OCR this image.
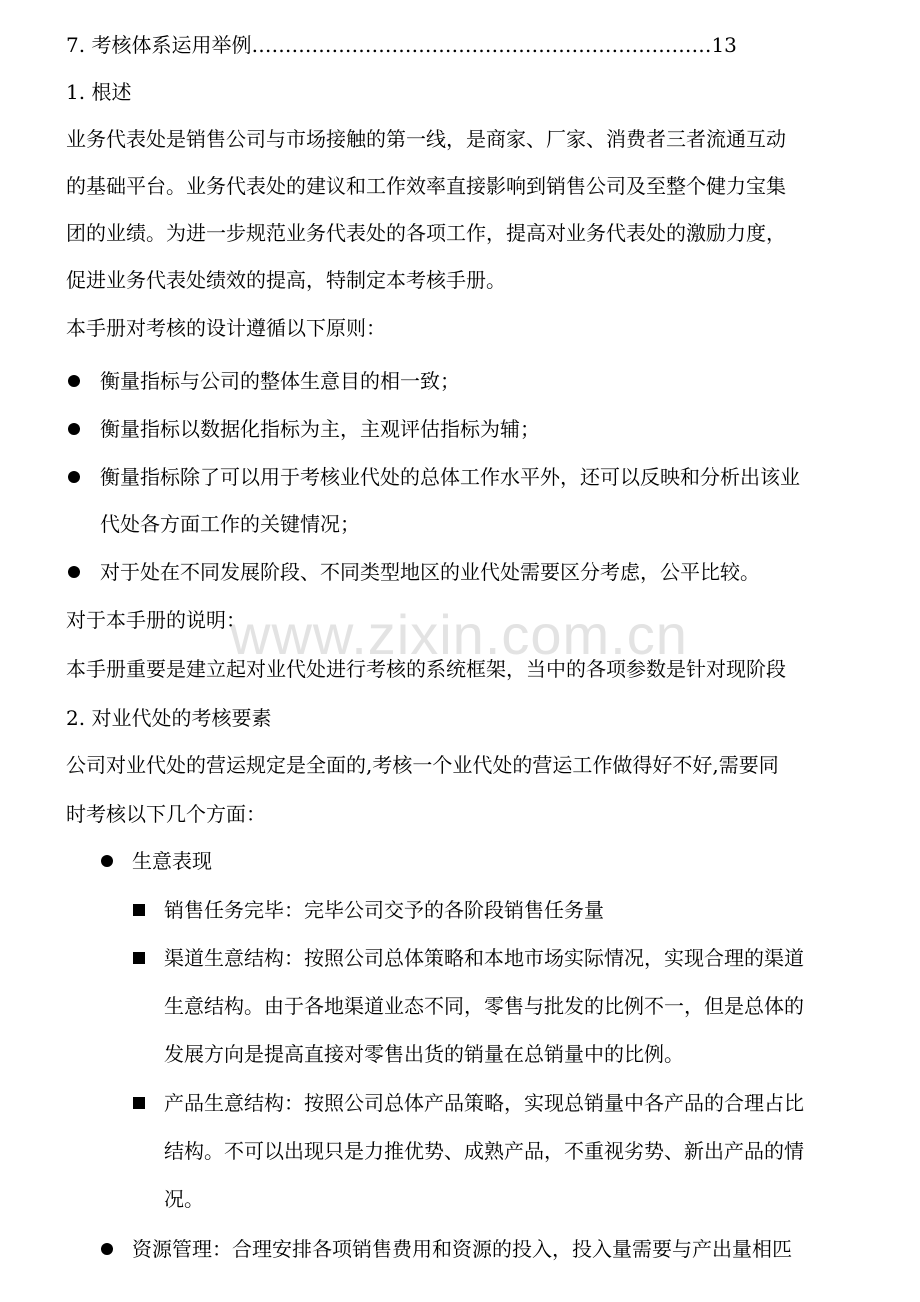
www.zixin.com.cn
7. 考核体系运用举例……………………………………………………………13
1. 根述
业务代表处是销售公司与市场接触的第一线，是商家、厂家、消费者三者流通互动
的基础平台。业务代表处的建议和工作效率直接影响到销售公司及至整个健力宝集
团的业绩。为进一步规范业务代表处的各项工作，提高对业务代表处的激励力度，
促进业务代表处绩效的提高，特制定本考核手册。
本手册对考核的设计遵循以下原则：
衡量指标与公司的整体生意目的相一致；
衡量指标以数据化指标为主，主观评估指标为辅；
衡量指标除了可以用于考核业代处的总体工作水平外，还可以反映和分析出该业
代处各方面工作的关键情况；
对于处在不同发展阶段、不同类型地区的业代处需要区分考虑，公平比较。
对于本手册的说明：
本手册重要是建立起对业代处进行考核的系统框架，当中的各项参数是针对现阶段
2. 对业代处的考核要素
公司对业代处的营运规定是全面的,考核一个业代处的营运工作做得好不好,需要同
时考核以下几个方面：
生意表现
销售任务完毕：完毕公司交予的各阶段销售任务量
渠道生意结构：按照公司总体策略和本地市场实际情况，实现合理的渠道
生意结构。由于各地渠道业态不同，零售与批发的比例不一，但是总体的
发展方向是提高直接对零售出货的销量在总销量中的比例。
产品生意结构：按照公司总体产品策略，实现总销量中各产品的合理占比
结构。不可以出现只是力推优势、成熟产品，不重视劣势、新出产品的情
况。
资源管理：合理安排各项销售费用和资源的投入，投入量需要与产出量相匹
